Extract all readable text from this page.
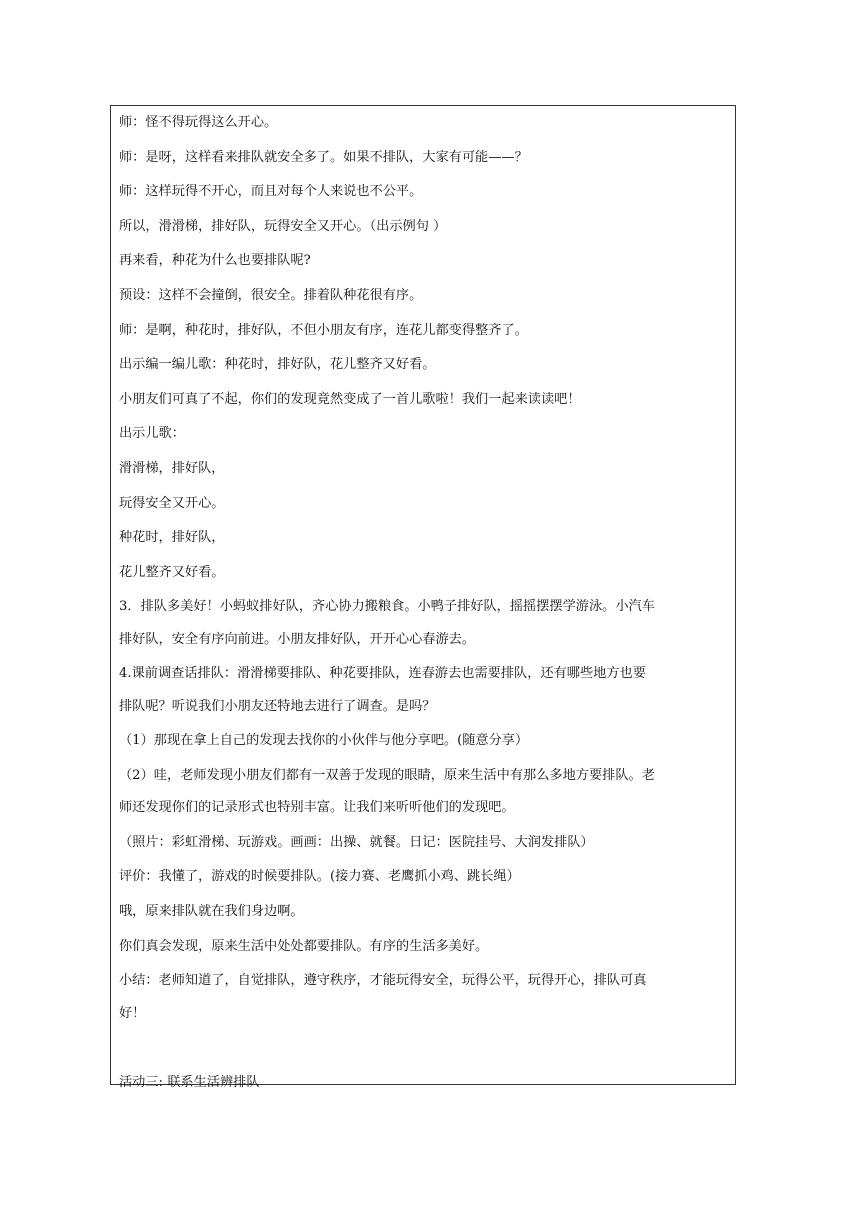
师：怪不得玩得这么开心。
师：是呀，这样看来排队就安全多了。如果不排队，大家有可能——？
师：这样玩得不开心，而且对每个人来说也不公平。
所以，滑滑梯，排好队，玩得安全又开心。（出示例句 ）
再来看，种花为什么也要排队呢?
预设：这样不会撞倒，很安全。排着队种花很有序。
师：是啊，种花时，排好队，不但小朋友有序，连花儿都变得整齐了。
出示编一编儿歌：种花时，排好队，花儿整齐又好看。
小朋友们可真了不起，你们的发现竟然变成了一首儿歌啦！我们一起来读读吧！
出示儿歌：
滑滑梯，排好队，
玩得安全又开心。
种花时，排好队，
花儿整齐又好看。
3．排队多美好！小蚂蚁排好队，齐心协力搬粮食。小鸭子排好队，摇摇摆摆学游泳。小汽车
排好队，安全有序向前进。小朋友排好队，开开心心春游去。
4.课前调查话排队：滑滑梯要排队、种花要排队，连春游去也需要排队，还有哪些地方也要
排队呢？听说我们小朋友还特地去进行了调查。是吗？
（1）那现在拿上自己的发现去找你的小伙伴与他分享吧。(随意分享）
（2）哇，老师发现小朋友们都有一双善于发现的眼睛，原来生活中有那么多地方要排队。老
师还发现你们的记录形式也特别丰富。让我们来听听他们的发现吧。
（照片：彩虹滑梯、玩游戏。画画：出操、就餐。日记：医院挂号、大润发排队）
评价：我懂了，游戏的时候要排队。(接力赛、老鹰抓小鸡、跳长绳）
哦，原来排队就在我们身边啊。
你们真会发现，原来生活中处处都要排队。有序的生活多美好。
小结：老师知道了，自觉排队，遵守秩序，才能玩得安全，玩得公平，玩得开心，排队可真
好！
活动三: 联系生活辨排队
